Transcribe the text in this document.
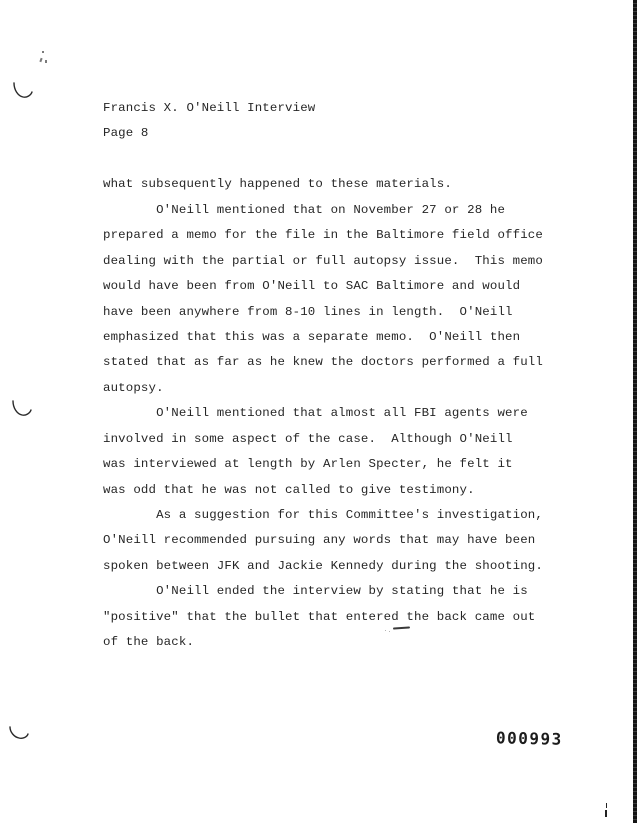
Francis X. O'Neill Interview
Page 8
what subsequently happened to these materials.
O'Neill mentioned that on November 27 or 28 he
prepared a memo for the file in the Baltimore field office
dealing with the partial or full autopsy issue.  This memo
would have been from O'Neill to SAC Baltimore and would
have been anywhere from 8-10 lines in length.  O'Neill
emphasized that this was a separate memo.  O'Neill then
stated that as far as he knew the doctors performed a full
autopsy.
O'Neill mentioned that almost all FBI agents were
involved in some aspect of the case.  Although O'Neill
was interviewed at length by Arlen Specter, he felt it
was odd that he was not called to give testimony.
As a suggestion for this Committee's investigation,
O'Neill recommended pursuing any words that may have been
spoken between JFK and Jackie Kennedy during the shooting.
O'Neill ended the interview by stating that he is
"positive" that the bullet that entered the back came out
of the back.
000993
